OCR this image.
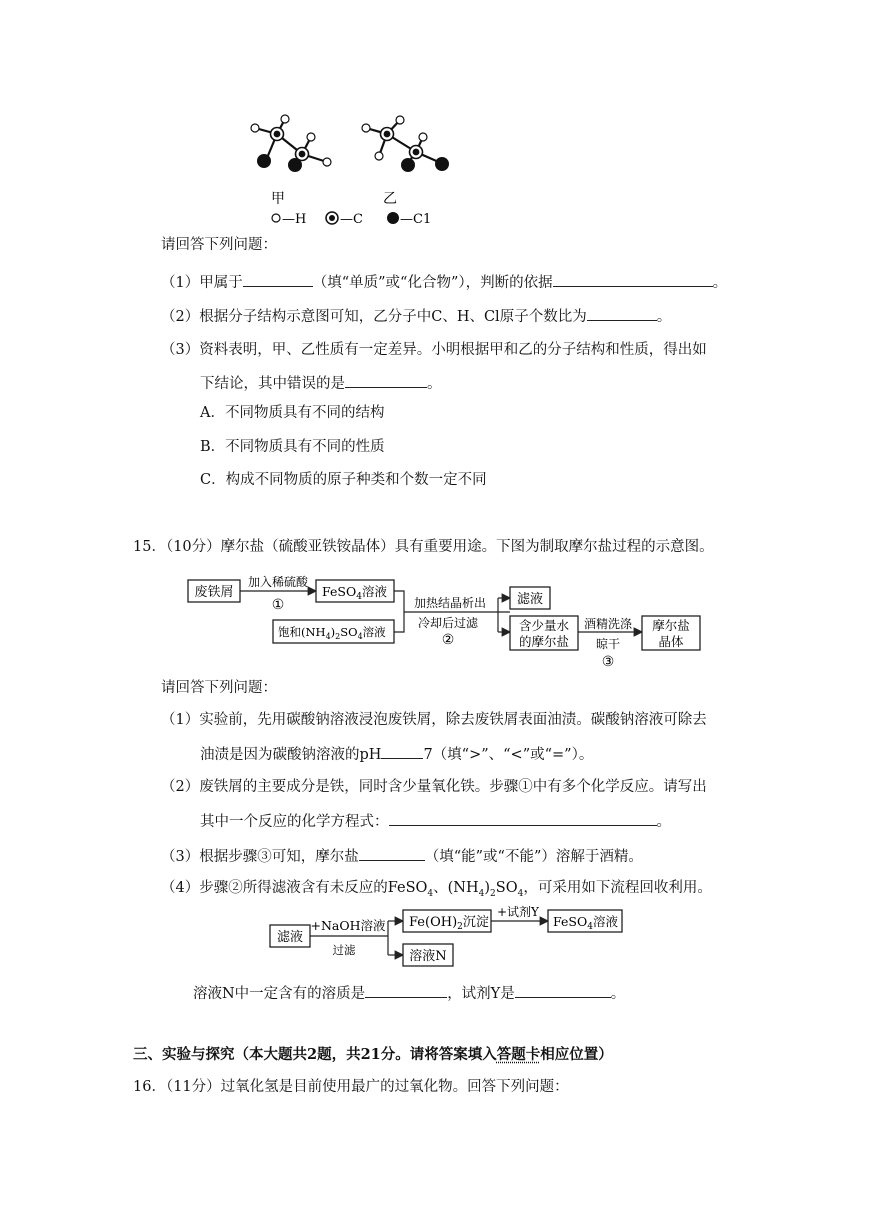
甲	乙
—H	—C	—C1
请回答下列问题：
（1）甲属于	（填“单质”或“化合物”），判断的依据	。
（2）根据分子结构示意图可知，乙分子中C、H、Cl原子个数比为	。
（3）资料表明，甲、乙性质有一定差异。小明根据甲和乙的分子结构和性质，得出如
下结论，其中错误的是	。
A．不同物质具有不同的结构
B．不同物质具有不同的性质
C．构成不同物质的原子种类和个数一定不同
15．（10分）摩尔盐（硫酸亚铁铵晶体）具有重要用途。下图为制取摩尔盐过程的示意图。
废铁屑
加入稀硫酸
①
FeSO$_4$溶液
饱和$(NH_4)_2SO_4$溶液
加热结晶析出
冷却后过滤
②
滤液
含少量水
的摩尔盐
酒精洗涤
晾干
③
摩尔盐
晶体
请回答下列问题：
（1）实验前，先用碳酸钠溶液浸泡废铁屑，除去废铁屑表面油渍。碳酸钠溶液可除去
油渍是因为碳酸钠溶液的pH	7（填“>”、“<”或“=”）。
（2）废铁屑的主要成分是铁，同时含少量氧化铁。步骤①中有多个化学反应。请写出
其中一个反应的化学方程式：	。
（3）根据步骤③可知，摩尔盐	（填“能”或“不能”）溶解于酒精。
（4）步骤②所得滤液含有未反应的FeSO$_4$、$(NH_4)_2SO_4$，可采用如下流程回收利用。
滤液
+NaOH溶液
过滤
$Fe(OH)_2$沉淀
+试剂Y
FeSO$_4$溶液
溶液N
溶液N中一定含有的溶质是	，试剂Y是	。
三、实验与探究（本大题共2题，共21分。请将答案填入答题卡相应位置）
16．（11分）过氧化氢是目前使用最广的过氧化物。回答下列问题：
